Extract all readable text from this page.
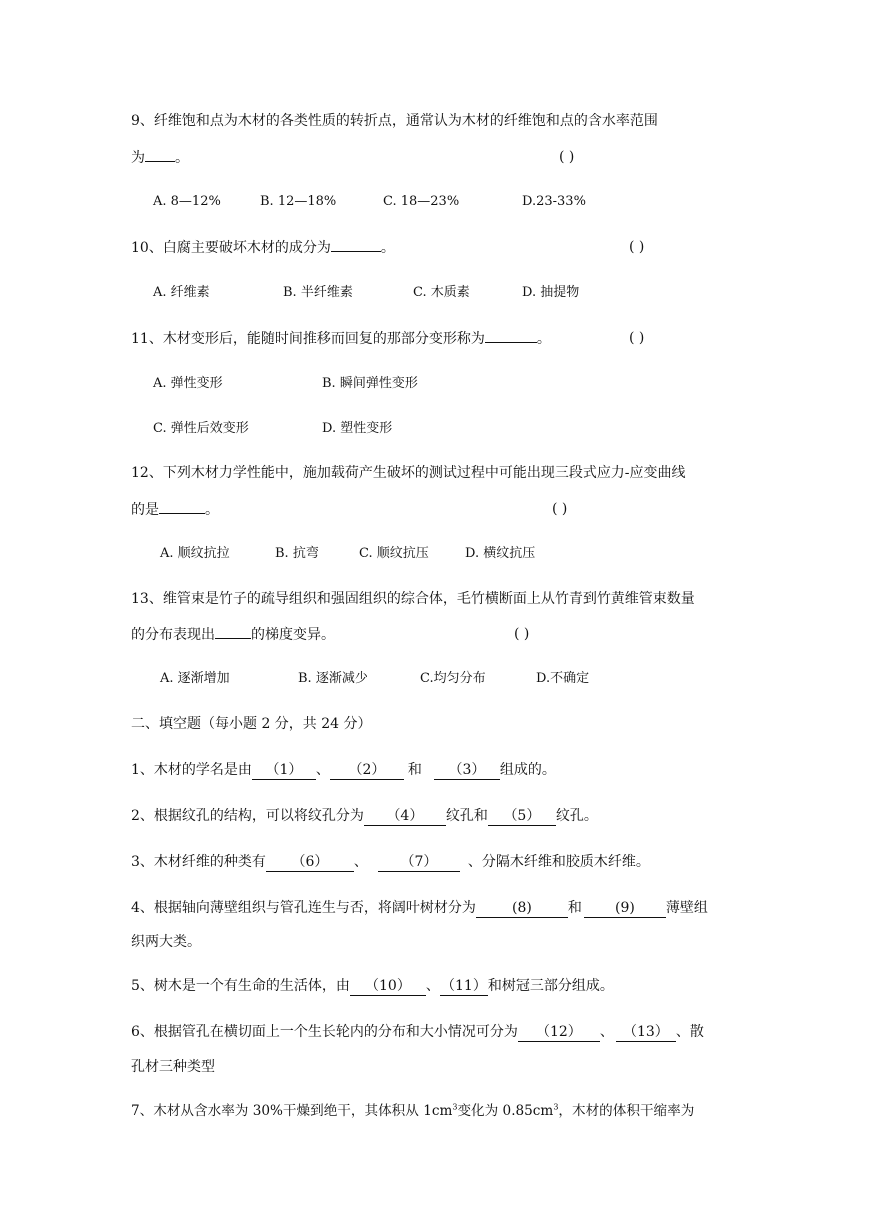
9、纤维饱和点为木材的各类性质的转折点，通常认为木材的纤维饱和点的含水率范围
为 。	( )
A. 8—12%	B. 12—18%	C. 18—23%	D.23-33%
10、白腐主要破坏木材的成分为	。	( )
A. 纤维素	B. 半纤维素	C. 木质素	D. 抽提物
11、木材变形后，能随时间推移而回复的那部分变形称为	。	( )
A. 弹性变形	B. 瞬间弹性变形
C. 弹性后效变形	D. 塑性变形
12、下列木材力学性能中，施加载荷产生破坏的测试过程中可能出现三段式应力-应变曲线
的是	。	( )
A. 顺纹抗拉	B. 抗弯	C. 顺纹抗压	D. 横纹抗压
13、维管束是竹子的疏导组织和强固组织的综合体，毛竹横断面上从竹青到竹黄维管束数量
的分布表现出	的梯度变异。	( )
A. 逐渐增加	B. 逐渐减少	C.均匀分布	D.不确定
二、填空题（每小题 2 分，共 24 分）
1、木材的学名是由 （1） 、 （2） 和 （3） 组成的。
2、根据纹孔的结构，可以将纹孔分为 （4） 纹孔和 （5） 纹孔。
3、木材纤维的种类有 （6） 、 （7） 、分隔木纤维和胶质木纤维。
4、根据轴向薄壁组织与管孔连生与否，将阔叶树材分为	(8)	和 (9) 薄壁组
织两大类。
5、树木是一个有生命的生活体，由 （10） 、（11）和树冠三部分组成。
6、根据管孔在横切面上一个生长轮内的分布和大小情况可分为 （12） 、 （13） 、散
孔材三种类型
7、木材从含水率为 30%干燥到绝干，其体积从 $1cm^3$变化为 $0.85cm^3$，木材的体积干缩率为
